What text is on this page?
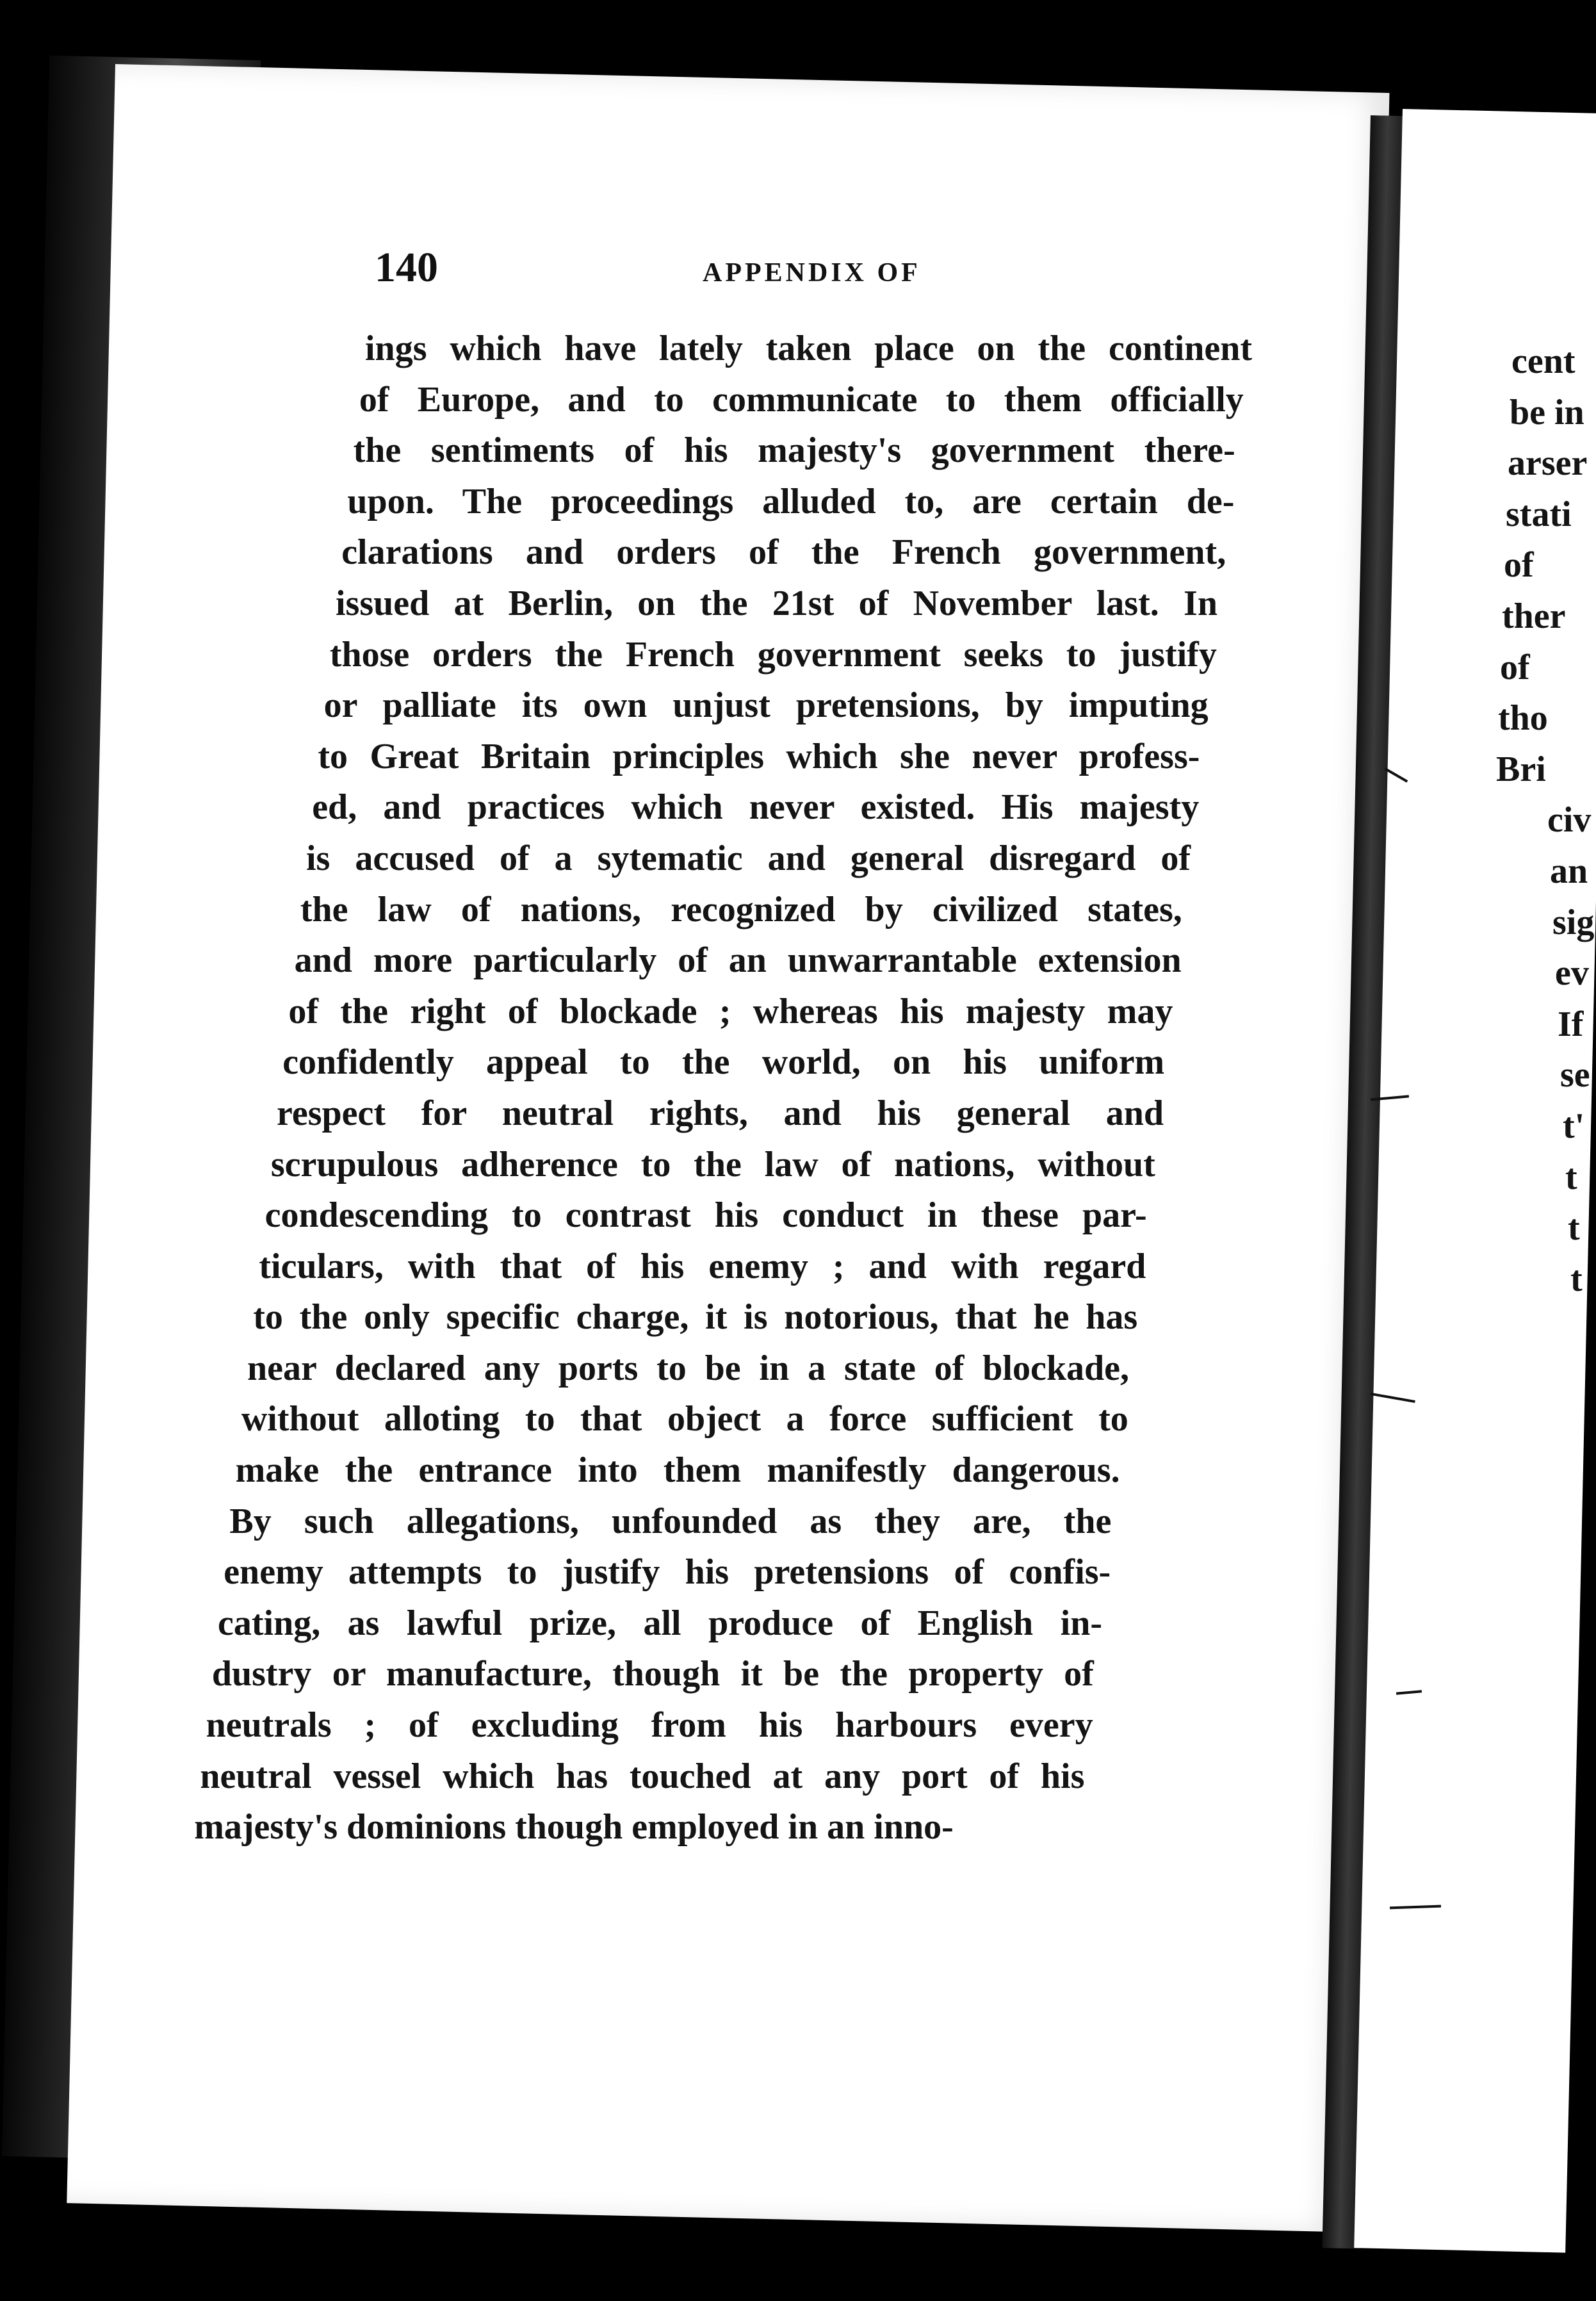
140	APPENDIX OF
ings which have lately taken place on the continent
of Europe, and to communicate to them officially
the sentiments of his majesty's government there-
upon. The proceedings alluded to, are certain de-
clarations and orders of the French government,
issued at Berlin, on the 21st of November last. In
those orders the French government seeks to justify
or palliate its own unjust pretensions, by imputing
to Great Britain principles which she never profess-
ed, and practices which never existed. His majesty
is accused of a sytematic and general disregard of
the law of nations, recognized by civilized states,
and more particularly of an unwarrantable extension
of the right of blockade ; whereas his majesty may
confidently appeal to the world, on his uniform
respect for neutral rights, and his general and
scrupulous adherence to the law of nations, without
condescending to contrast his conduct in these par-
ticulars, with that of his enemy ; and with regard
to the only specific charge, it is notorious, that he has
near declared any ports to be in a state of blockade,
without alloting to that object a force sufficient to
make the entrance into them manifestly dangerous.
By such allegations, unfounded as they are, the
enemy attempts to justify his pretensions of confis-
cating, as lawful prize, all produce of English in-
dustry or manufacture, though it be the property of
neutrals ; of excluding from his harbours every
neutral vessel which has touched at any port of his
majesty's dominions though employed in an inno-
cent
be in
arser
stati
of
ther
of
tho
Bri
civ
an
sig
ev
If
se
t'
t
t
t
